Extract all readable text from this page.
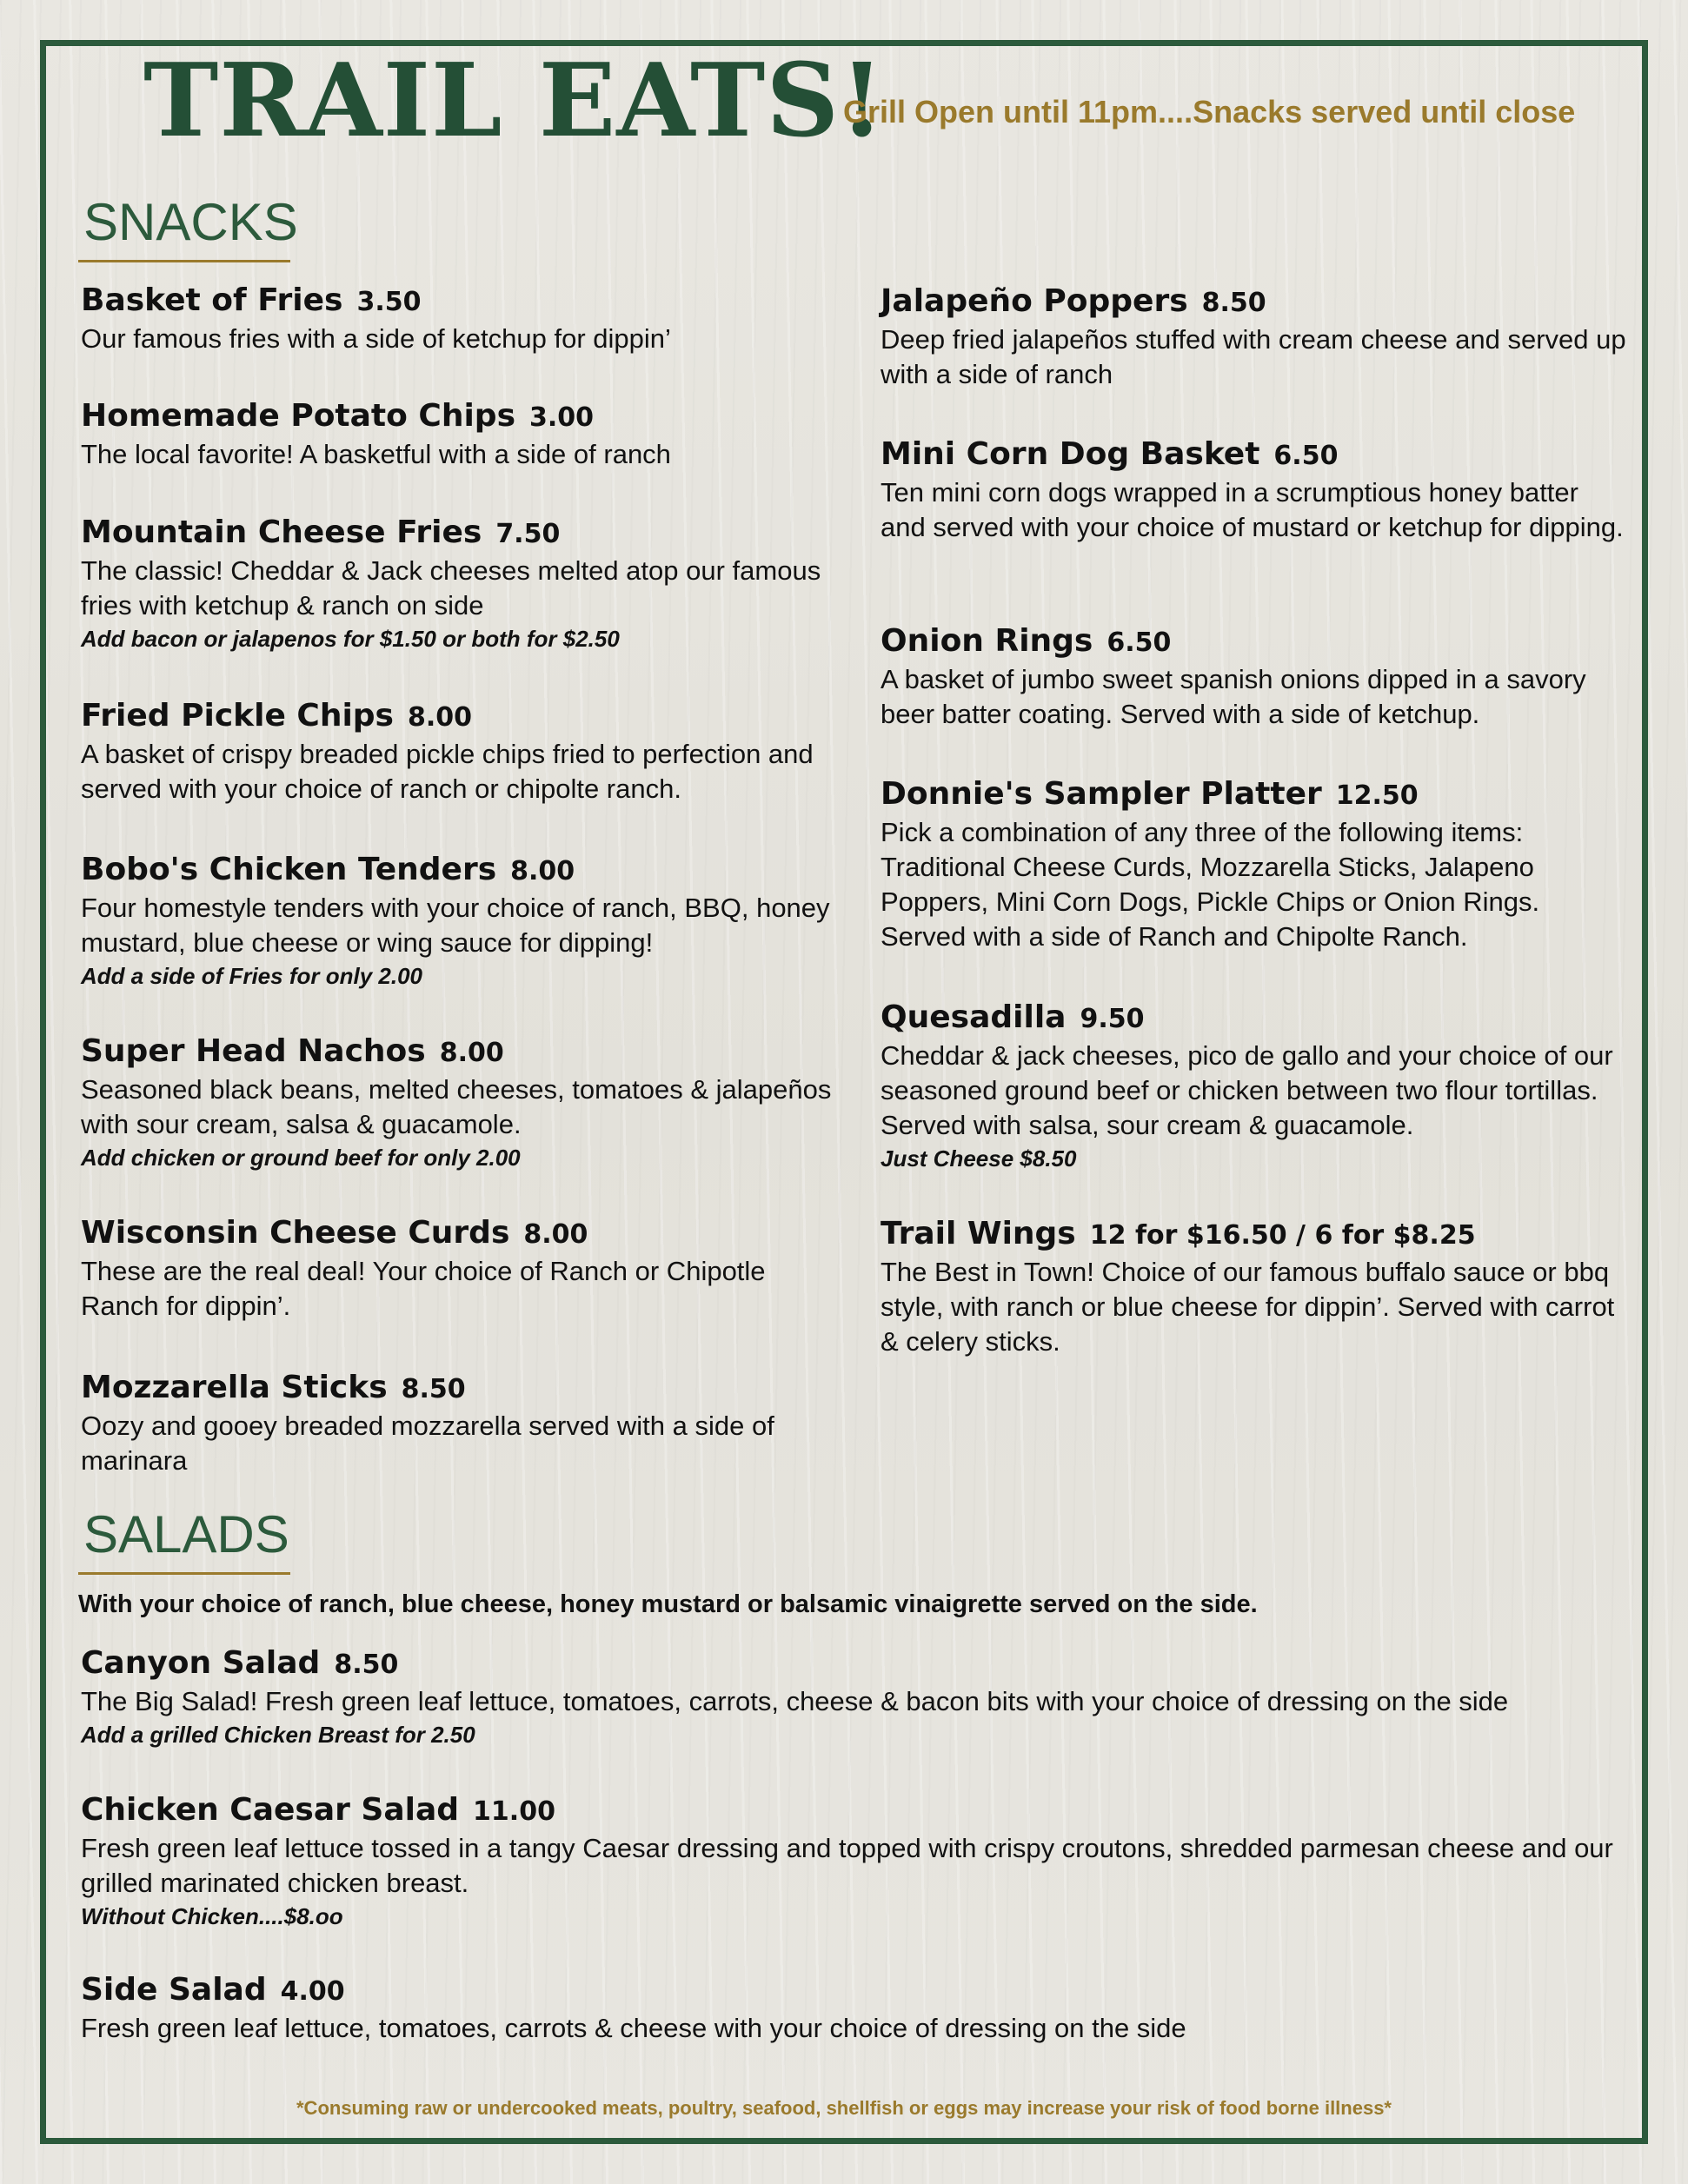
TRAIL EATS!
Grill Open until 11pm....Snacks served until close
SNACKS
Basket of Fries 3.50
Our famous fries with a side of ketchup for dippin’
Homemade Potato Chips 3.00
The local favorite! A basketful with a side of ranch
Mountain Cheese Fries 7.50
The classic! Cheddar & Jack cheeses melted atop our famous fries with ketchup & ranch on side
Add bacon or jalapenos for $1.50 or both for $2.50
Fried Pickle Chips 8.00
A basket of crispy breaded pickle chips fried to perfection and served with your choice of ranch or chipolte ranch.
Bobo's Chicken Tenders 8.00
Four homestyle tenders with your choice of ranch, BBQ, honey mustard, blue cheese or wing sauce for dipping!
Add a side of Fries for only 2.00
Super Head Nachos 8.00
Seasoned black beans, melted cheeses, tomatoes & jalapeños with sour cream, salsa & guacamole.
Add chicken or ground beef for only 2.00
Wisconsin Cheese Curds 8.00
These are the real deal! Your choice of Ranch or Chipotle Ranch for dippin’.
Mozzarella Sticks 8.50
Oozy and gooey breaded mozzarella served with a side of marinara
Jalapeño Poppers 8.50
Deep fried jalapeños stuffed with cream cheese and served up with a side of ranch
Mini Corn Dog Basket 6.50
Ten mini corn dogs wrapped in a scrumptious honey batter and served with your choice of mustard or ketchup for dipping.
Onion Rings 6.50
A basket of jumbo sweet spanish onions dipped in a savory beer batter coating. Served with a side of ketchup.
Donnie's Sampler Platter 12.50
Pick a combination of any three of the following items: Traditional Cheese Curds, Mozzarella Sticks, Jalapeno Poppers, Mini Corn Dogs, Pickle Chips or Onion Rings. Served with a side of Ranch and Chipolte Ranch.
Quesadilla 9.50
Cheddar & jack cheeses, pico de gallo and your choice of our seasoned ground beef or chicken between two flour tortillas. Served with salsa, sour cream & guacamole.
Just Cheese $8.50
Trail Wings 12 for $16.50 / 6 for $8.25
The Best in Town! Choice of our famous buffalo sauce or bbq style, with ranch or blue cheese for dippin’. Served with carrot & celery sticks.
SALADS
With your choice of ranch, blue cheese, honey mustard or balsamic vinaigrette served on the side.
Canyon Salad 8.50
The Big Salad! Fresh green leaf lettuce, tomatoes, carrots, cheese & bacon bits with your choice of dressing on the side
Add a grilled Chicken Breast for 2.50
Chicken Caesar Salad 11.00
Fresh green leaf lettuce tossed in a tangy Caesar dressing and topped with crispy croutons, shredded parmesan cheese and our grilled marinated chicken breast.
Without Chicken....$8.oo
Side Salad 4.00
Fresh green leaf lettuce, tomatoes, carrots & cheese with your choice of dressing on the side
*Consuming raw or undercooked meats, poultry, seafood, shellfish or eggs may increase your risk of food borne illness*
